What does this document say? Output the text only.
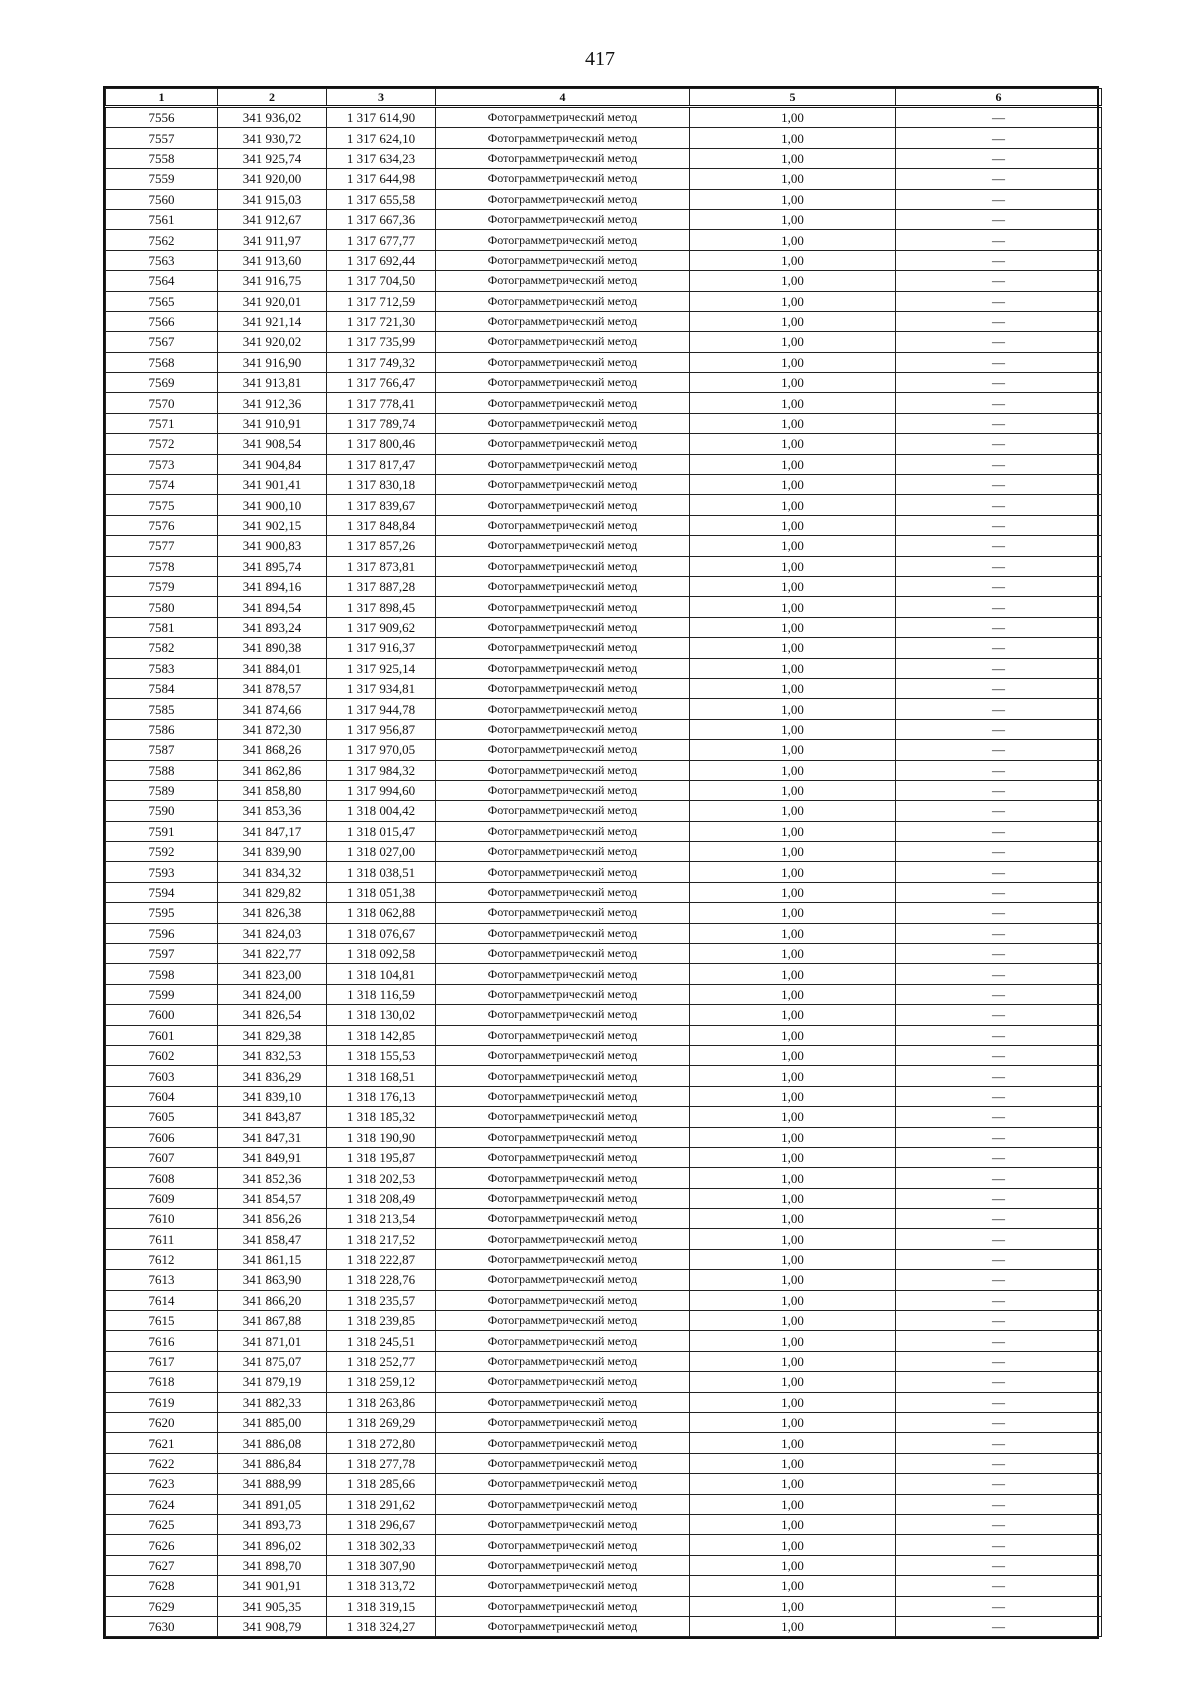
417
1	2	3	4	5	6
7556	341 936,02	1 317 614,90	Фотограмметрический метод	1,00	—
7557	341 930,72	1 317 624,10	Фотограмметрический метод	1,00	—
7558	341 925,74	1 317 634,23	Фотограмметрический метод	1,00	—
7559	341 920,00	1 317 644,98	Фотограмметрический метод	1,00	—
7560	341 915,03	1 317 655,58	Фотограмметрический метод	1,00	—
7561	341 912,67	1 317 667,36	Фотограмметрический метод	1,00	—
7562	341 911,97	1 317 677,77	Фотограмметрический метод	1,00	—
7563	341 913,60	1 317 692,44	Фотограмметрический метод	1,00	—
7564	341 916,75	1 317 704,50	Фотограмметрический метод	1,00	—
7565	341 920,01	1 317 712,59	Фотограмметрический метод	1,00	—
7566	341 921,14	1 317 721,30	Фотограмметрический метод	1,00	—
7567	341 920,02	1 317 735,99	Фотограмметрический метод	1,00	—
7568	341 916,90	1 317 749,32	Фотограмметрический метод	1,00	—
7569	341 913,81	1 317 766,47	Фотограмметрический метод	1,00	—
7570	341 912,36	1 317 778,41	Фотограмметрический метод	1,00	—
7571	341 910,91	1 317 789,74	Фотограмметрический метод	1,00	—
7572	341 908,54	1 317 800,46	Фотограмметрический метод	1,00	—
7573	341 904,84	1 317 817,47	Фотограмметрический метод	1,00	—
7574	341 901,41	1 317 830,18	Фотограмметрический метод	1,00	—
7575	341 900,10	1 317 839,67	Фотограмметрический метод	1,00	—
7576	341 902,15	1 317 848,84	Фотограмметрический метод	1,00	—
7577	341 900,83	1 317 857,26	Фотограмметрический метод	1,00	—
7578	341 895,74	1 317 873,81	Фотограмметрический метод	1,00	—
7579	341 894,16	1 317 887,28	Фотограмметрический метод	1,00	—
7580	341 894,54	1 317 898,45	Фотограмметрический метод	1,00	—
7581	341 893,24	1 317 909,62	Фотограмметрический метод	1,00	—
7582	341 890,38	1 317 916,37	Фотограмметрический метод	1,00	—
7583	341 884,01	1 317 925,14	Фотограмметрический метод	1,00	—
7584	341 878,57	1 317 934,81	Фотограмметрический метод	1,00	—
7585	341 874,66	1 317 944,78	Фотограмметрический метод	1,00	—
7586	341 872,30	1 317 956,87	Фотограмметрический метод	1,00	—
7587	341 868,26	1 317 970,05	Фотограмметрический метод	1,00	—
7588	341 862,86	1 317 984,32	Фотограмметрический метод	1,00	—
7589	341 858,80	1 317 994,60	Фотограмметрический метод	1,00	—
7590	341 853,36	1 318 004,42	Фотограмметрический метод	1,00	—
7591	341 847,17	1 318 015,47	Фотограмметрический метод	1,00	—
7592	341 839,90	1 318 027,00	Фотограмметрический метод	1,00	—
7593	341 834,32	1 318 038,51	Фотограмметрический метод	1,00	—
7594	341 829,82	1 318 051,38	Фотограмметрический метод	1,00	—
7595	341 826,38	1 318 062,88	Фотограмметрический метод	1,00	—
7596	341 824,03	1 318 076,67	Фотограмметрический метод	1,00	—
7597	341 822,77	1 318 092,58	Фотограмметрический метод	1,00	—
7598	341 823,00	1 318 104,81	Фотограмметрический метод	1,00	—
7599	341 824,00	1 318 116,59	Фотограмметрический метод	1,00	—
7600	341 826,54	1 318 130,02	Фотограмметрический метод	1,00	—
7601	341 829,38	1 318 142,85	Фотограмметрический метод	1,00	—
7602	341 832,53	1 318 155,53	Фотограмметрический метод	1,00	—
7603	341 836,29	1 318 168,51	Фотограмметрический метод	1,00	—
7604	341 839,10	1 318 176,13	Фотограмметрический метод	1,00	—
7605	341 843,87	1 318 185,32	Фотограмметрический метод	1,00	—
7606	341 847,31	1 318 190,90	Фотограмметрический метод	1,00	—
7607	341 849,91	1 318 195,87	Фотограмметрический метод	1,00	—
7608	341 852,36	1 318 202,53	Фотограмметрический метод	1,00	—
7609	341 854,57	1 318 208,49	Фотограмметрический метод	1,00	—
7610	341 856,26	1 318 213,54	Фотограмметрический метод	1,00	—
7611	341 858,47	1 318 217,52	Фотограмметрический метод	1,00	—
7612	341 861,15	1 318 222,87	Фотограмметрический метод	1,00	—
7613	341 863,90	1 318 228,76	Фотограмметрический метод	1,00	—
7614	341 866,20	1 318 235,57	Фотограмметрический метод	1,00	—
7615	341 867,88	1 318 239,85	Фотограмметрический метод	1,00	—
7616	341 871,01	1 318 245,51	Фотограмметрический метод	1,00	—
7617	341 875,07	1 318 252,77	Фотограмметрический метод	1,00	—
7618	341 879,19	1 318 259,12	Фотограмметрический метод	1,00	—
7619	341 882,33	1 318 263,86	Фотограмметрический метод	1,00	—
7620	341 885,00	1 318 269,29	Фотограмметрический метод	1,00	—
7621	341 886,08	1 318 272,80	Фотограмметрический метод	1,00	—
7622	341 886,84	1 318 277,78	Фотограмметрический метод	1,00	—
7623	341 888,99	1 318 285,66	Фотограмметрический метод	1,00	—
7624	341 891,05	1 318 291,62	Фотограмметрический метод	1,00	—
7625	341 893,73	1 318 296,67	Фотограмметрический метод	1,00	—
7626	341 896,02	1 318 302,33	Фотограмметрический метод	1,00	—
7627	341 898,70	1 318 307,90	Фотограмметрический метод	1,00	—
7628	341 901,91	1 318 313,72	Фотограмметрический метод	1,00	—
7629	341 905,35	1 318 319,15	Фотограмметрический метод	1,00	—
7630	341 908,79	1 318 324,27	Фотограмметрический метод	1,00	—
